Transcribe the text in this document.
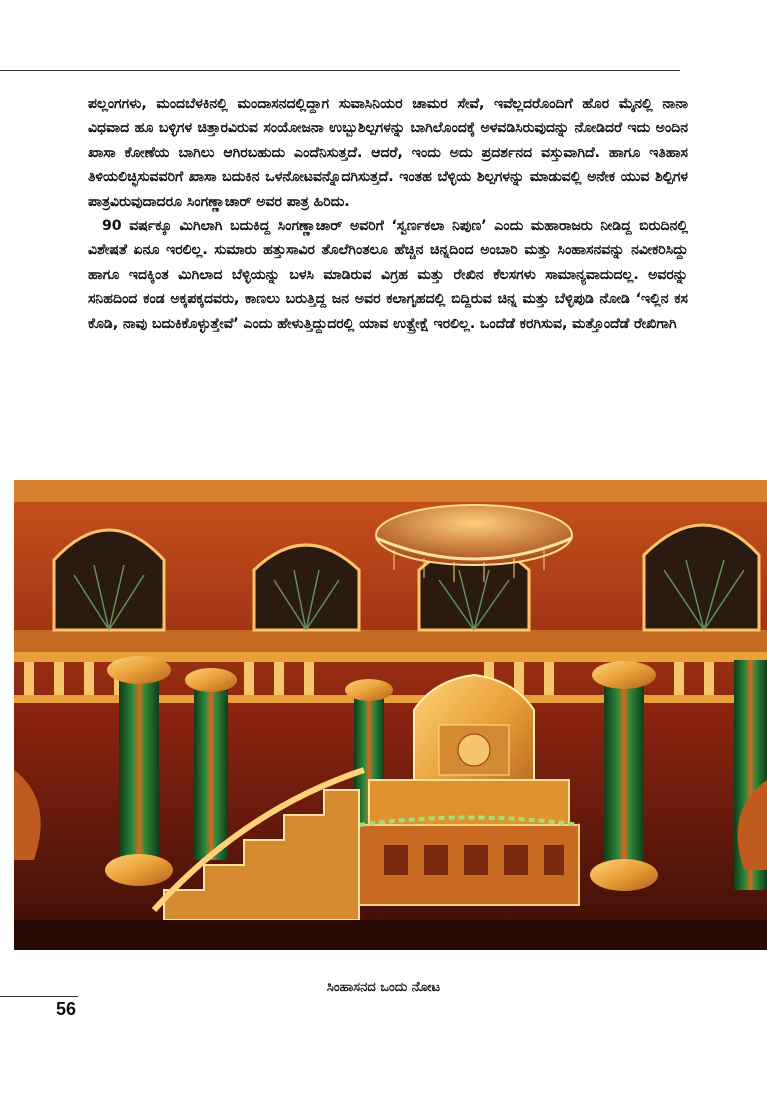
ಪಲ್ಲಂಗಗಳು, ಮಂದಬೆಳಕಿನಲ್ಲಿ ಮಂದಾಸನದಲ್ಲಿದ್ದಾಗ ಸುವಾಸಿನಿಯರ ಚಾಮರ ಸೇವೆ, ಇವೆಲ್ಲದರೊಂದಿಗೆ ಹೊರ ಮೈನಲ್ಲಿ ನಾನಾ ವಿಧವಾದ ಹೂ ಬಳ್ಳಿಗಳ ಚಿತ್ತಾರವಿರುವ ಸಂಯೋಜನಾ ಉಬ್ಬುಶಿಲ್ಪಗಳನ್ನು ಬಾಗಿಲೊಂದಕ್ಕೆ ಅಳವಡಿಸಿರುವುದನ್ನು ನೋಡಿದರೆ ಇದು ಅಂದಿನ ಖಾಸಾ ಕೋಣೆಯ ಬಾಗಿಲು ಆಗಿರಬಹುದು ಎಂದೆನಿಸುತ್ತದೆ. ಆದರೆ, ಇಂದು ಅದು ಪ್ರದರ್ಶನದ ವಸ್ತುವಾಗಿದೆ. ಹಾಗೂ ಇತಿಹಾಸ ತಿಳಿಯಲಿಚ್ಛಿಸುವವರಿಗೆ ಖಾಸಾ ಬದುಕಿನ ಒಳನೋಟವನ್ನೊದಗಿಸುತ್ತದೆ. ಇಂತಹ ಬೆಳ್ಳಿಯ ಶಿಲ್ಪಗಳನ್ನು ಮಾಡುವಲ್ಲಿ ಅನೇಕ ಯುವ ಶಿಲ್ಪಿಗಳ ಪಾತ್ರವಿರುವುದಾದರೂ ಸಿಂಗಣ್ಣಾಚಾರ್ ಅವರ ಪಾತ್ರ ಹಿರಿದು.

90 ವರ್ಷಕ್ಕೂ ಮಿಗಿಲಾಗಿ ಬದುಕಿದ್ದ ಸಿಂಗಣ್ಣಾಚಾರ್ ಅವರಿಗೆ ‘ಸ್ವರ್ಣಕಲಾ ನಿಪುಣ’ ಎಂದು ಮಹಾರಾಜರು ನೀಡಿದ್ದ ಬಿರುದಿನಲ್ಲಿ ವಿಶೇಷತೆ ಏನೂ ಇರಲಿಲ್ಲ. ಸುಮಾರು ಹತ್ತುಸಾವಿರ ತೊಲೆಗಿಂತಲೂ ಹೆಚ್ಚಿನ ಚಿನ್ನದಿಂದ ಅಂಬಾರಿ ಮತ್ತು ಸಿಂಹಾಸನವನ್ನು ನವೀಕರಿಸಿದ್ದು ಹಾಗೂ ಇದಕ್ಕಿಂತ ಮಿಗಿಲಾದ ಬೆಳ್ಳಿಯನ್ನು ಬಳಸಿ ಮಾಡಿರುವ ವಿಗ್ರಹ ಮತ್ತು ರೇಖಿನ ಕೆಲಸಗಳು ಸಾಮಾನ್ಯವಾದುದಲ್ಲ. ಅವರನ್ನು ಸನಿಹದಿಂದ ಕಂಡ ಅಕ್ಕಪಕ್ಕದವರು, ಕಾಣಲು ಬರುತ್ತಿದ್ದ ಜನ ಅವರ ಕಲಾಗೃಹದಲ್ಲಿ ಬಿದ್ದಿರುವ ಚಿನ್ನ ಮತ್ತು ಬೆಳ್ಳಿಪುಡಿ ನೋಡಿ ‘ಇಲ್ಲಿನ ಕಸ ಕೊಡಿ, ನಾವು ಬದುಕಿಕೊಳ್ಳುತ್ತೇವೆ’ ಎಂದು ಹೇಳುತ್ತಿದ್ದುದರಲ್ಲಿ ಯಾವ ಉತ್ಪ್ರೇಕ್ಷೆ ಇರಲಿಲ್ಲ. ಒಂದೆಡೆ ಕರಗಿಸುವ, ಮತ್ತೊಂದೆಡೆ ರೇಖಿಗಾಗಿ

ಸಿಂಹಾಸನದ ಒಂದು ನೋಟ
56
